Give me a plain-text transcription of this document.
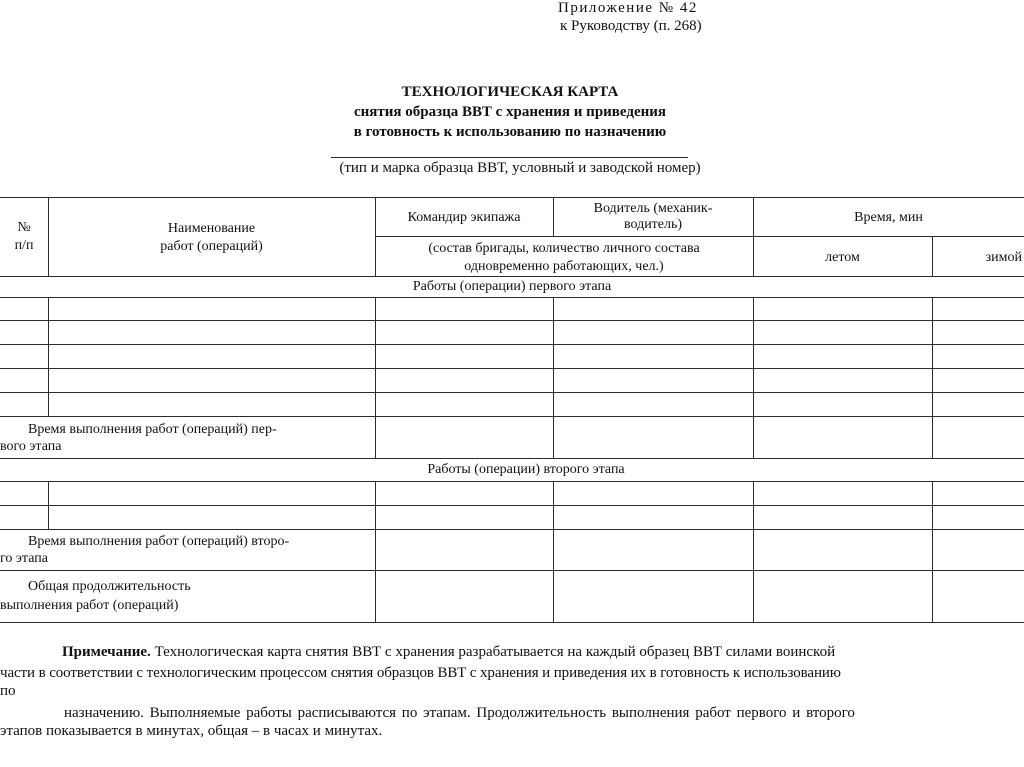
Приложение № 42
к Руководству (п. 268)
ТЕХНОЛОГИЧЕСКАЯ КАРТА
снятия образца ВВТ с хранения и приведения
в готовность к использованию по назначению
(тип и марка образца ВВТ, условный и заводской номер)
№
п/п
Наименование
работ (операций)
Командир экипажа
Водитель (механик-
водитель)
(состав бригады, количество личного состава
одновременно работающих, чел.)
Время, мин
летом	зимой
Работы (операции) первого этапа
Время выполнения работ (операций) пер-
вого этапа
Работы (операции) второго этапа
Время выполнения работ (операций) второ-
го этапа
Общая продолжительность
выполнения работ (операций)
Примечание. Технологическая карта снятия ВВТ с хранения разрабатывается на каждый образец ВВТ силами воинской
части в соответствии с технологическим процессом снятия образцов ВВТ с хранения и приведения их в готовность к использованию
по
назначению. Выполняемые работы расписываются по этапам. Продолжительность выполнения работ первого и второго
этапов показывается в минутах, общая – в часах и минутах.
